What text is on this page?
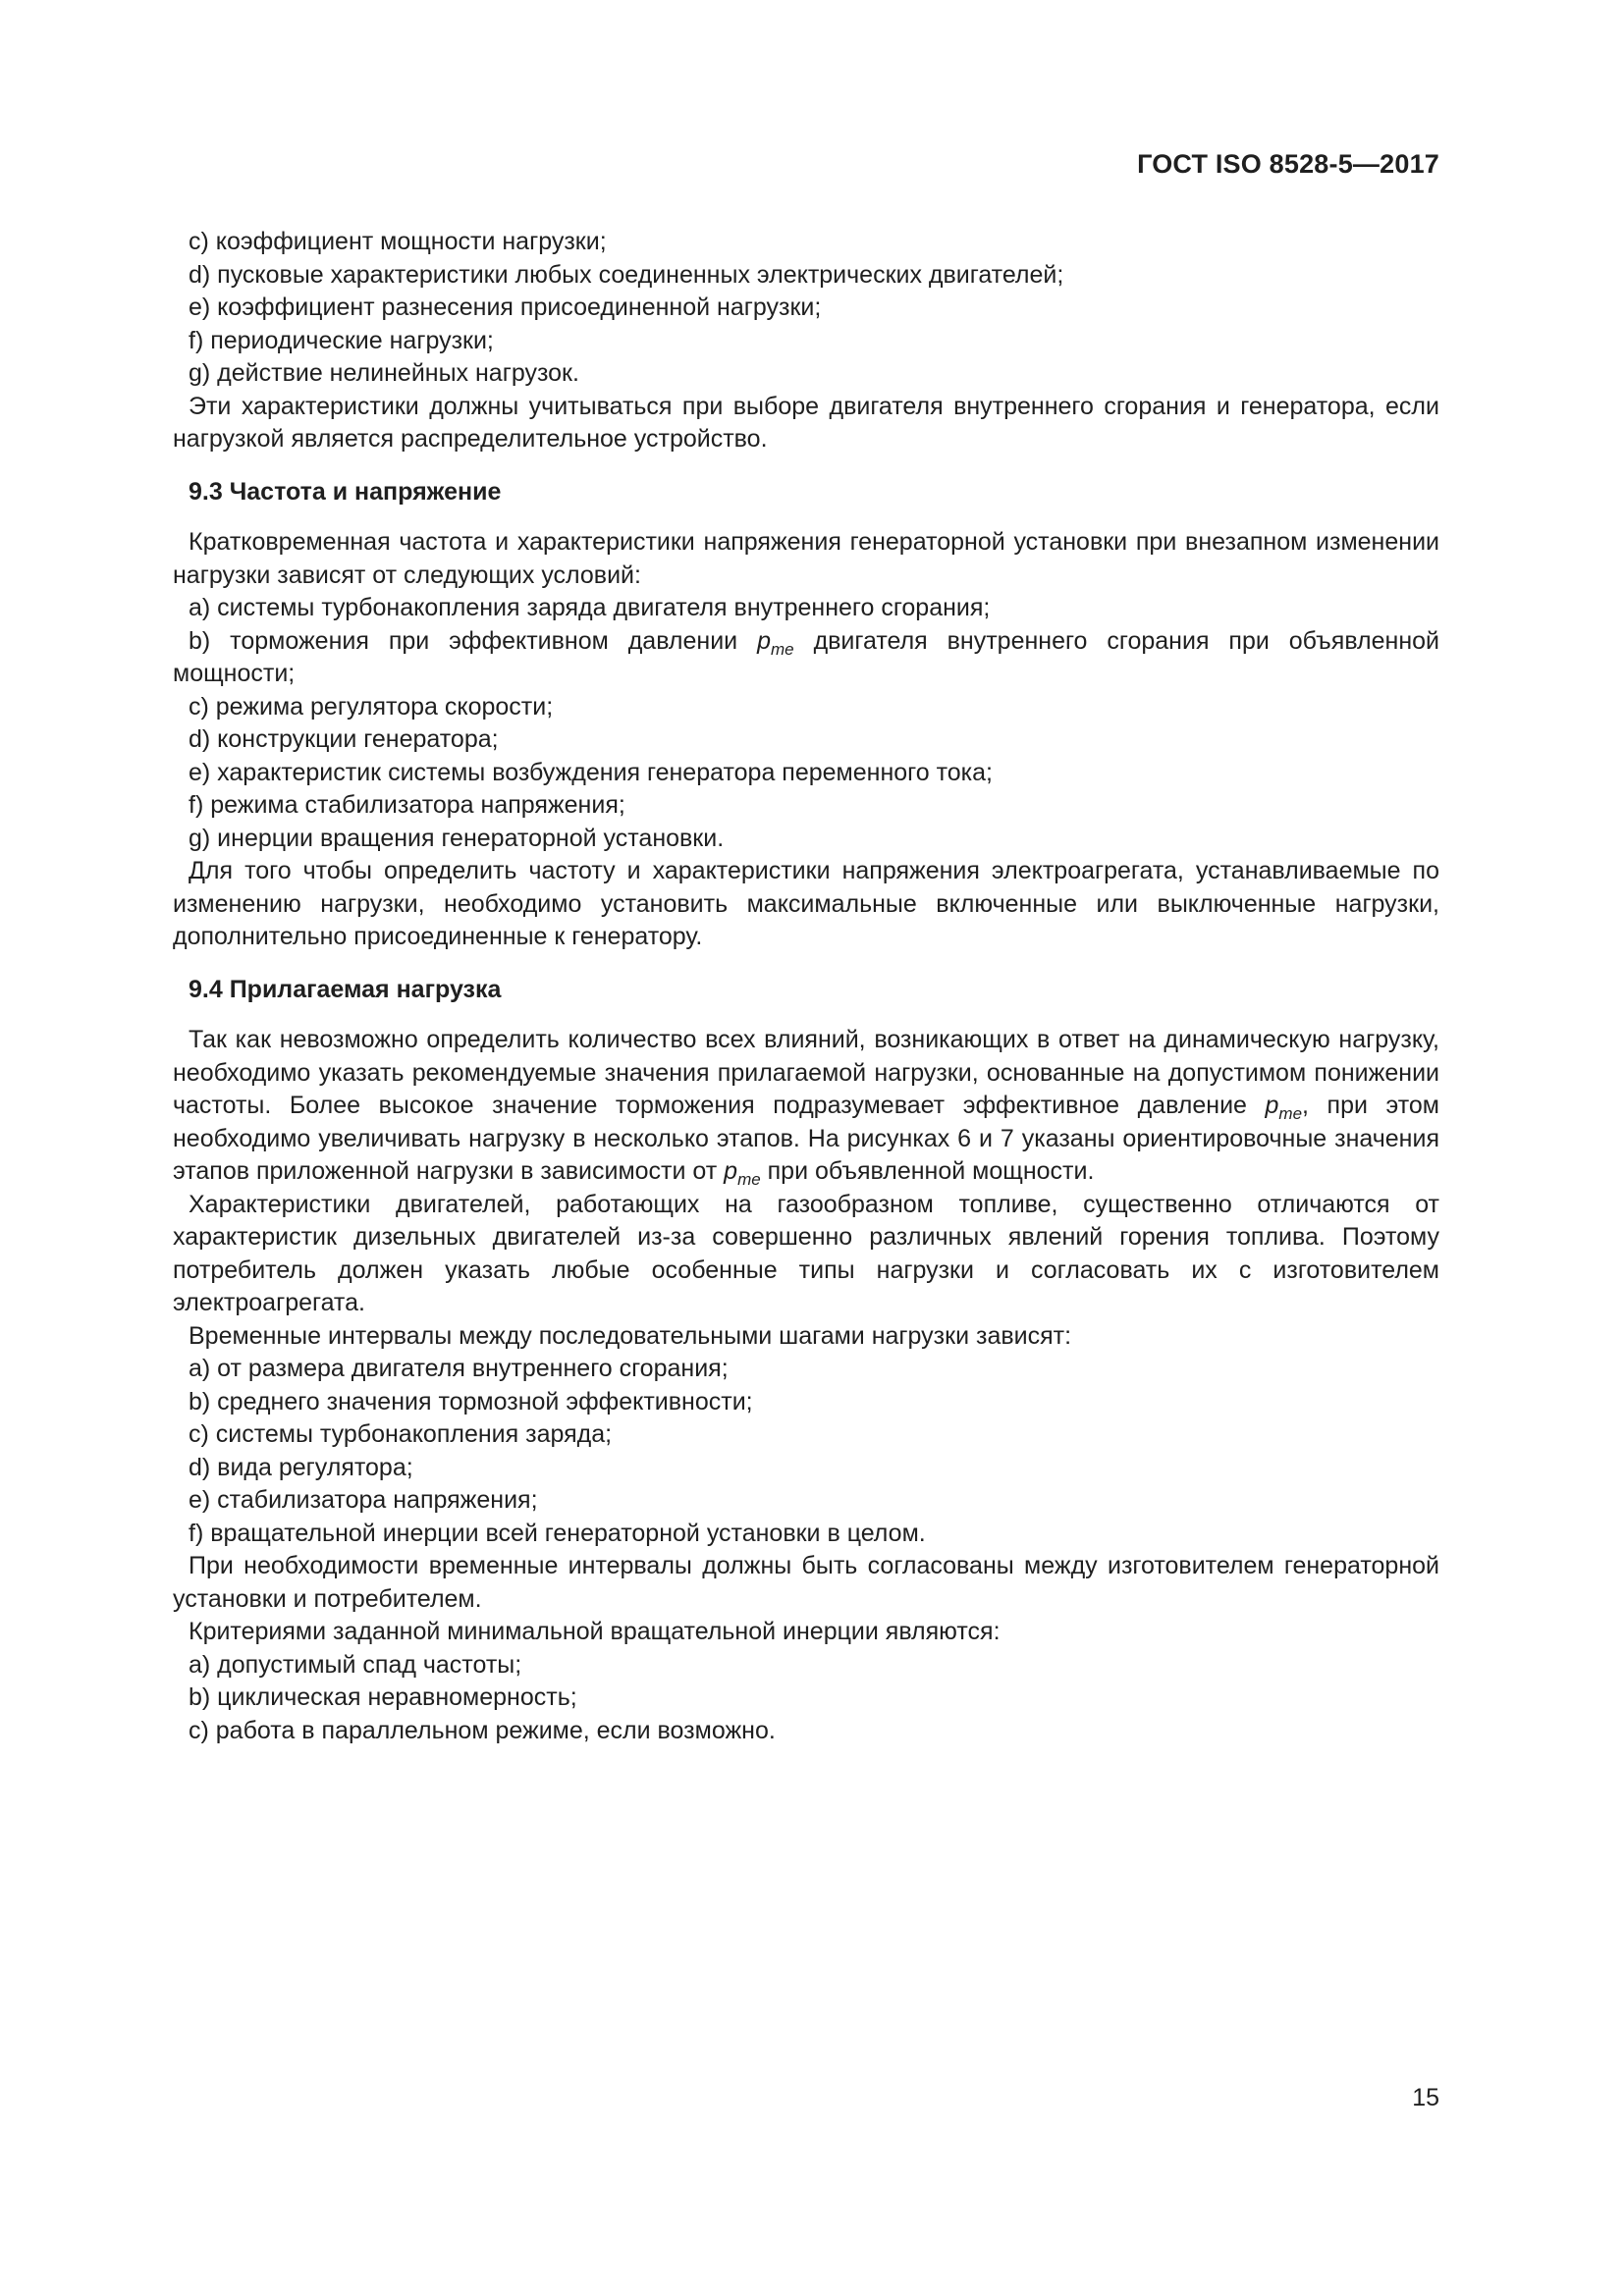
ГОСТ ISO 8528-5—2017

c) коэффициент мощности нагрузки;

d) пусковые характеристики любых соединенных электрических двигателей;

e) коэффициент разнесения присоединенной нагрузки;

f) периодические нагрузки;

g) действие нелинейных нагрузок.

Эти характеристики должны учитываться при выборе двигателя внутреннего сгорания и генератора, если нагрузкой является распределительное устройство.

9.3 Частота и напряжение

Кратковременная частота и характеристики напряжения генераторной установки при внезапном изменении нагрузки зависят от следующих условий:

a) системы турбонакопления заряда двигателя внутреннего сгорания;

b) торможения при эффективном давлении $p_{me}$ двигателя внутреннего сгорания при объявленной мощности;

c) режима регулятора скорости;

d) конструкции генератора;

e) характеристик системы возбуждения генератора переменного тока;

f) режима стабилизатора напряжения;

g) инерции вращения генераторной установки.

Для того чтобы определить частоту и характеристики напряжения электроагрегата, устанавливаемые по изменению нагрузки, необходимо установить максимальные включенные или выключенные нагрузки, дополнительно присоединенные к генератору.

9.4 Прилагаемая нагрузка

Так как невозможно определить количество всех влияний, возникающих в ответ на динамическую нагрузку, необходимо указать рекомендуемые значения прилагаемой нагрузки, основанные на допустимом понижении частоты. Более высокое значение торможения подразумевает эффективное давление $p_{me}$, при этом необходимо увеличивать нагрузку в несколько этапов. На рисунках 6 и 7 указаны ориентировочные значения этапов приложенной нагрузки в зависимости от $p_{me}$ при объявленной мощности.

Характеристики двигателей, работающих на газообразном топливе, существенно отличаются от характеристик дизельных двигателей из-за совершенно различных явлений горения топлива. Поэтому потребитель должен указать любые особенные типы нагрузки и согласовать их с изготовителем электроагрегата.

Временные интервалы между последовательными шагами нагрузки зависят:

a) от размера двигателя внутреннего сгорания;

b) среднего значения тормозной эффективности;

c) системы турбонакопления заряда;

d) вида регулятора;

e) стабилизатора напряжения;

f) вращательной инерции всей генераторной установки в целом.

При необходимости временные интервалы должны быть согласованы между изготовителем генераторной установки и потребителем.

Критериями заданной минимальной вращательной инерции являются:

a) допустимый спад частоты;

b) циклическая неравномерность;

c) работа в параллельном режиме, если возможно.

15
